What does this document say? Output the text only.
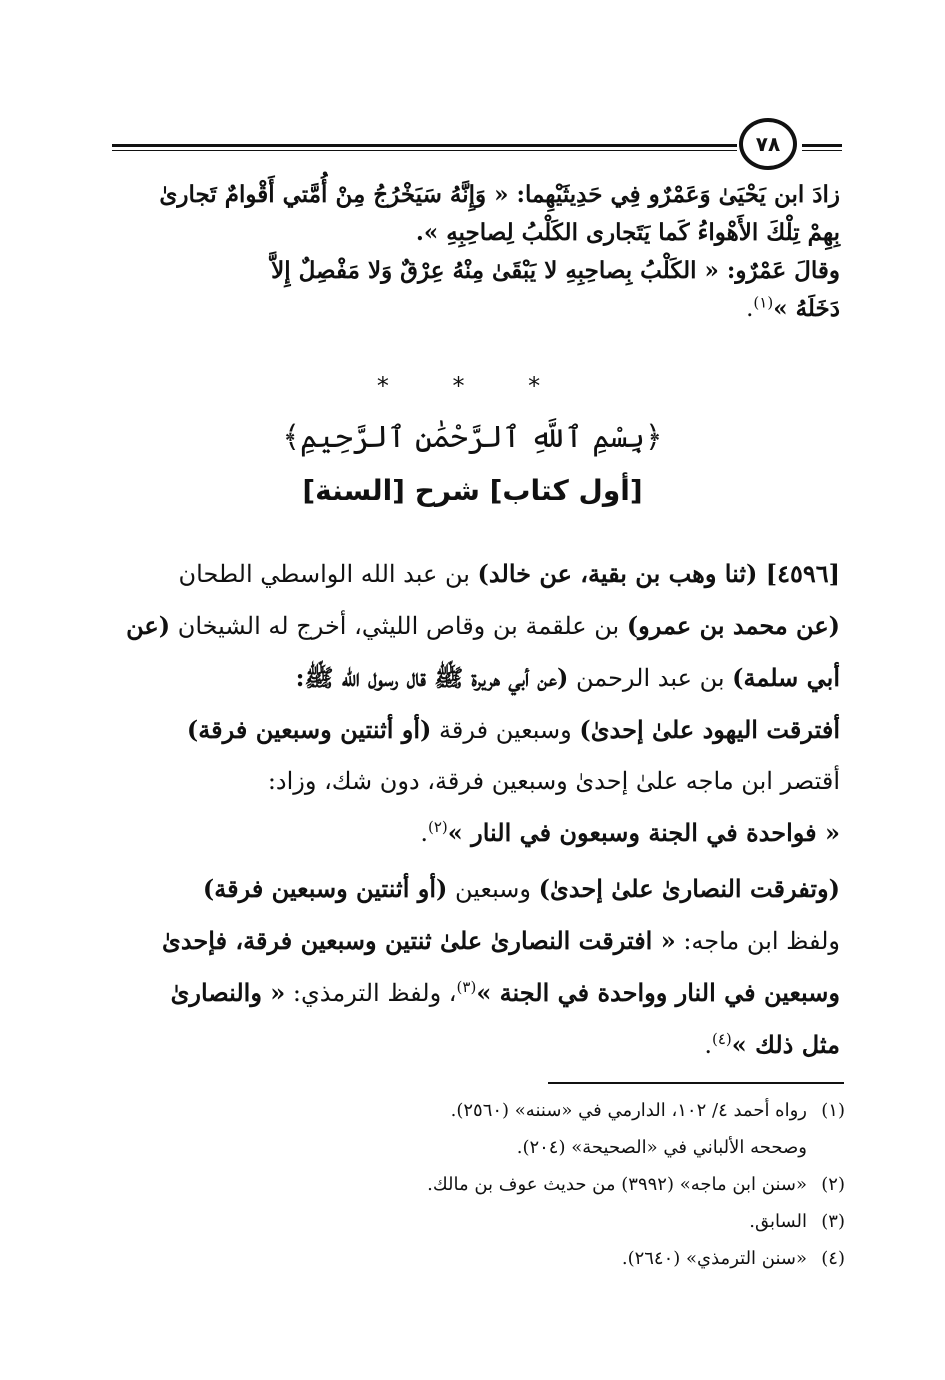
٧٨
زادَ ابن يَحْيَىٰ وَعَمْرٌو فِي حَدِيثَيْهِما: « وَإِنَّهُ سَيَخْرُجُ مِنْ أُمَّتي أَقْوامٌ تَجارىٰ
بِهِمْ تِلْكَ الأَهْواءُ كَما يَتَجارى الكَلْبُ لِصاحِبِهِ ».
وقالَ عَمْرٌو: « الكَلْبُ بِصاحِبِهِ لا يَبْقَىٰ مِنْهُ عِرْقٌ وَلا مَفْصِلٌ إِلاَّ
دَخَلَهُ »$^{(١)}$.
* * *
﴿بِسْمِ ٱللَّهِ ٱلرَّحْمَٰنِ ٱلرَّحِيمِ﴾
[أول كتاب] شرح [السنة]
[٤٥٩٦] (ثنا وهب بن بقية، عن خالد) بن عبد الله الواسطي الطحان
(عن محمد بن عمرو) بن علقمة بن وقاص الليثي، أخرج له الشيخان (عن
أبي سلمة) بن عبد الرحمن (عن أبي هريرة ﷺ قال رسول الله ﷺ:
أفترقت اليهود علىٰ إحدىٰ) وسبعين فرقة (أو أثنتين وسبعين فرقة)
أقتصر ابن ماجه علىٰ إحدىٰ وسبعين فرقة، دون شك، وزاد:
« فواحدة في الجنة وسبعون في النار »$^{(٢)}$.
(وتفرقت النصارىٰ علىٰ إحدىٰ) وسبعين (أو أثنتين وسبعين فرقة)
ولفظ ابن ماجه: « افترقت النصارىٰ علىٰ ثنتين وسبعين فرقة، فإحدىٰ
وسبعين في النار وواحدة في الجنة »$^{(٣)}$، ولفظ الترمذي: « والنصارىٰ
مثل ذلك »$^{(٤)}$.
(١)رواه أحمد ٤/ ١٠٢، الدارمي في «سننه» (٢٥٦٠).
وصححه الألباني في «الصحيحة» (٢٠٤).
(٢)«سنن ابن ماجه» (٣٩٩٢) من حديث عوف بن مالك.
(٣)السابق.
(٤)«سنن الترمذي» (٢٦٤٠).
